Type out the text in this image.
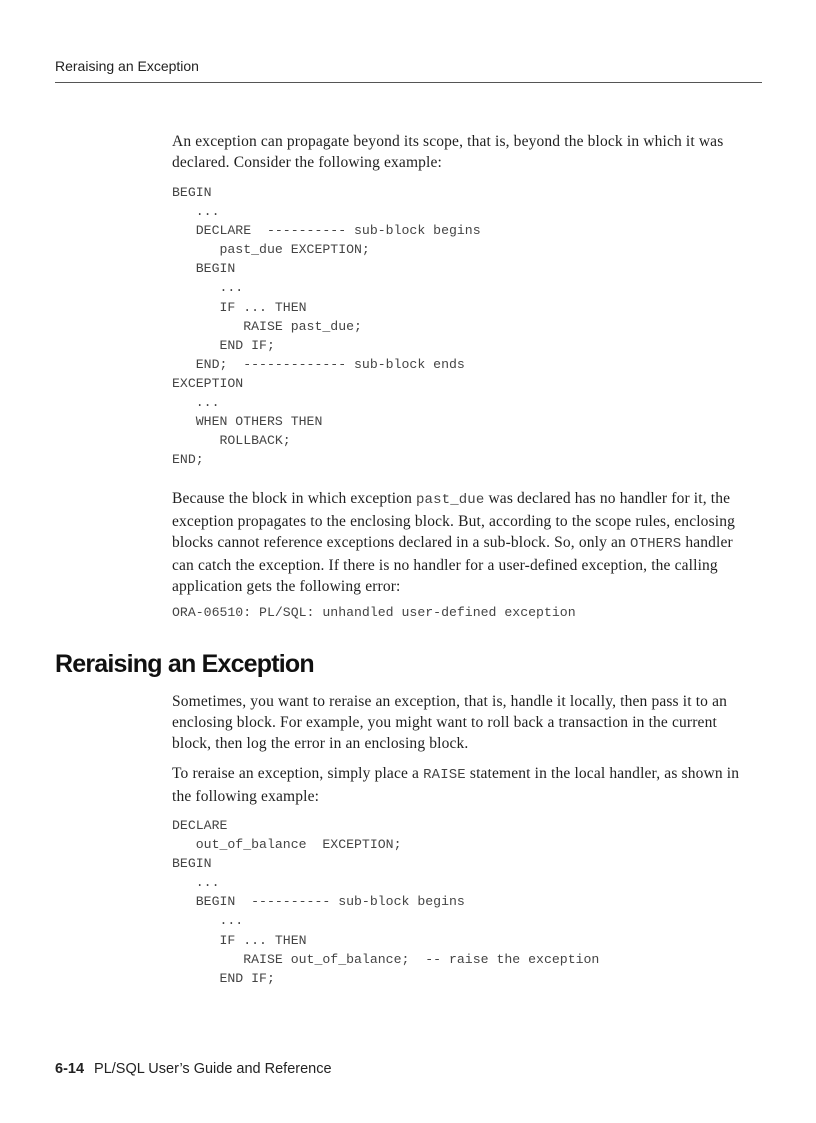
Reraising an Exception

An exception can propagate beyond its scope, that is, beyond the block in which it was declared. Consider the following example:

BEGIN
...
DECLARE  ---------- sub-block begins
past_due EXCEPTION;
BEGIN
...
IF ... THEN
RAISE past_due;
END IF;
END;  ------------- sub-block ends
EXCEPTION
...
WHEN OTHERS THEN
ROLLBACK;
END;

Because the block in which exception past_due was declared has no handler for it, the exception propagates to the enclosing block. But, according to the scope rules, enclosing blocks cannot reference exceptions declared in a sub-block. So, only an OTHERS handler can catch the exception. If there is no handler for a user-defined exception, the calling application gets the following error:

ORA-06510: PL/SQL: unhandled user-defined exception
Reraising an Exception

Sometimes, you want to reraise an exception, that is, handle it locally, then pass it to an enclosing block. For example, you might want to roll back a transaction in the current block, then log the error in an enclosing block.

To reraise an exception, simply place a RAISE statement in the local handler, as shown in the following example:

DECLARE
out_of_balance  EXCEPTION;
BEGIN
...
BEGIN  ---------- sub-block begins
...
IF ... THEN
RAISE out_of_balance;  -- raise the exception
END IF;
6-14 PL/SQL User’s Guide and Reference
